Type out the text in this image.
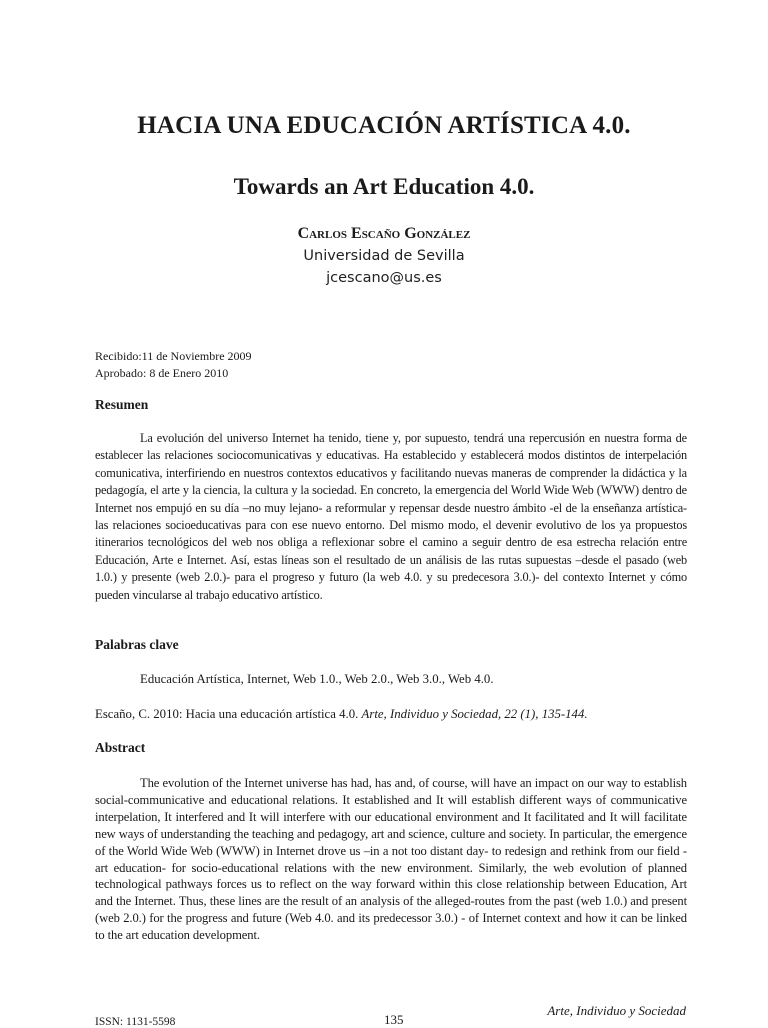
HACIA UNA EDUCACIÓN ARTÍSTICA 4.0.
Towards an Art Education 4.0.
Carlos Escaño González
Universidad de Sevilla
jcescano@us.es
Recibido:11 de Noviembre 2009
Aprobado: 8 de Enero 2010
Resumen

La evolución del universo Internet ha tenido, tiene y, por supuesto, tendrá una repercusión en nuestra forma de establecer las relaciones sociocomunicativas y educativas. Ha establecido y establecerá modos distintos de interpelación comunicativa, interfiriendo en nuestros contextos educativos y facilitando nuevas maneras de comprender la didáctica y la pedagogía, el arte y la ciencia, la cultura y la sociedad. En concreto, la emergencia del World Wide Web (WWW) dentro de Internet nos empujó en su día –no muy lejano- a reformular y repensar desde nuestro ámbito -el de la enseñanza artística- las relaciones socioeducativas para con ese nuevo entorno. Del mismo modo, el devenir evolutivo de los ya propuestos itinerarios tecnológicos del web nos obliga a reflexionar sobre el camino a seguir dentro de esa estrecha relación entre Educación, Arte e Internet. Así, estas líneas son el resultado de un análisis de las rutas supuestas –desde el pasado (web 1.0.) y presente (web 2.0.)- para el progreso y futuro (la web 4.0. y su predecesora 3.0.)- del contexto Internet y cómo pueden vincularse al trabajo educativo artístico.

Palabras clave
Educación Artística, Internet, Web 1.0., Web 2.0., Web 3.0., Web 4.0.
Escaño, C. 2010: Hacia una educación artística 4.0. Arte, Individuo y Sociedad, 22 (1), 135-144.
Abstract

The evolution of the Internet universe has had, has and, of course, will have an impact on our way to establish social-communicative and educational relations. It established and It will establish different ways of communicative interpelation, It interfered and It will interfere with our educational environment and It facilitated and It will facilitate new ways of understanding the teaching and pedagogy, art and science, culture and society. In particular, the emergence of the World Wide Web (WWW) in Internet drove us –in a not too distant day- to redesign and rethink from our field -art education- for socio-educational relations with the new environment. Similarly, the web evolution of planned technological pathways forces us to reflect on the way forward within this close relationship between Education, Art and the Internet. Thus, these lines are the result of an analysis of the alleged-routes from the past (web 1.0.) and present (web 2.0.) for the progress and future (Web 4.0. and its predecessor 3.0.) - of Internet context and how it can be linked to the art education development.

ISSN: 1131-5598	135
Arte, Individuo y Sociedad
